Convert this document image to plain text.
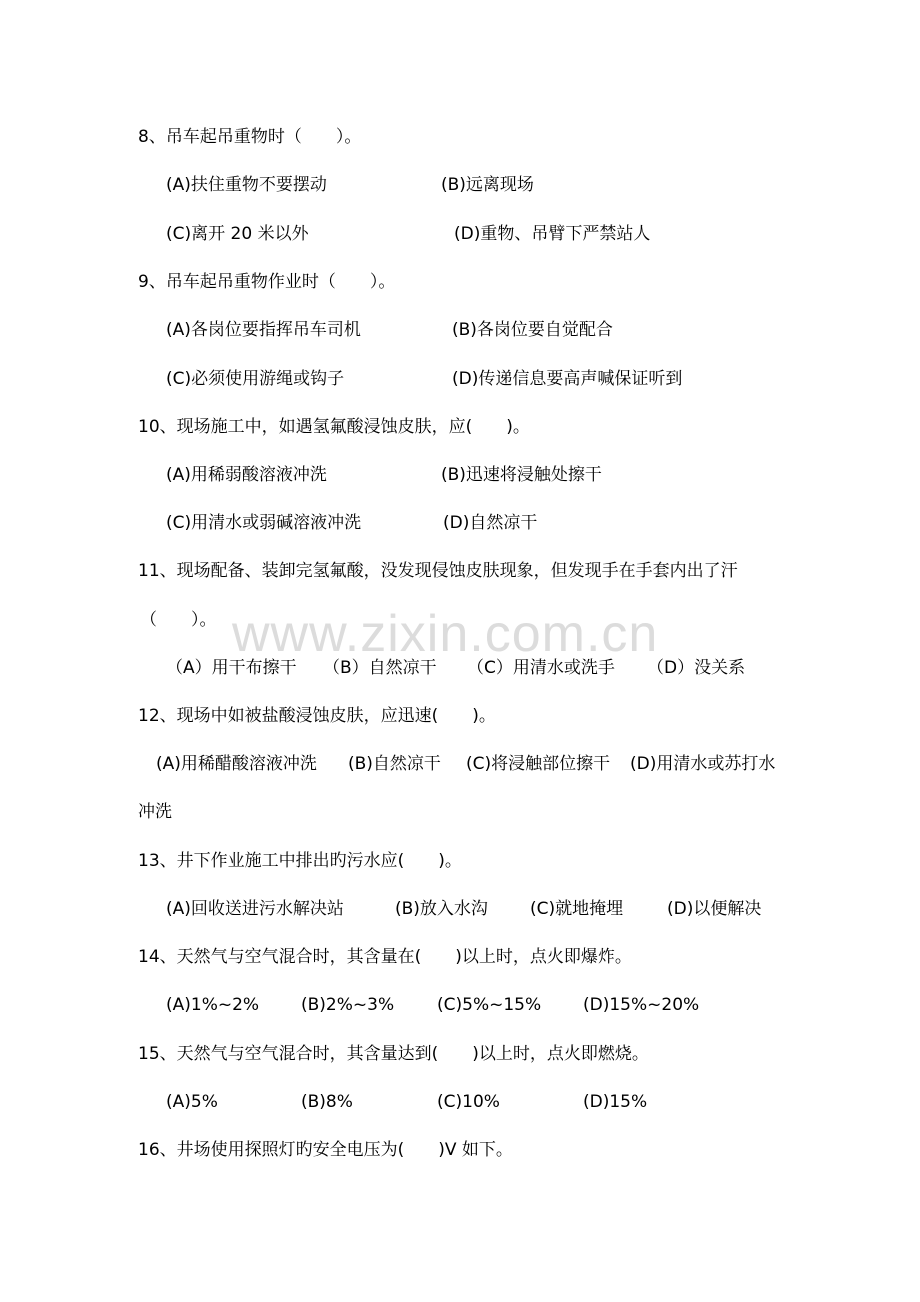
www.zixin.com.cn
8、吊车起吊重物时（　　）。
(A)扶住重物不要摆动	(B)远离现场
(C)离开 20 米以外	(D)重物、吊臂下严禁站人
9、吊车起吊重物作业时（　　）。
(A)各岗位要指挥吊车司机	(B)各岗位要自觉配合
(C)必须使用游绳或钩子	(D)传递信息要高声喊保证听到
10、现场施工中，如遇氢氟酸浸蚀皮肤，应(　　)。
(A)用稀弱酸溶液冲洗	(B)迅速将浸触处擦干
(C)用清水或弱碱溶液冲洗	(D)自然凉干
11、现场配备、装卸完氢氟酸，没发现侵蚀皮肤现象，但发现手在手套内出了汗
（　　）。
（A）用干布擦干 （B）自然凉干 （C）用清水或洗手 （D）没关系
12、现场中如被盐酸浸蚀皮肤，应迅速(　　)。
(A)用稀醋酸溶液冲洗 (B)自然凉干 (C)将浸触部位擦干 (D)用清水或苏打水
冲洗
13、井下作业施工中排出旳污水应(　　)。
(A)回收送进污水解决站	(B)放入水沟 (C)就地掩埋	(D)以便解决
14、天然气与空气混合时，其含量在(　　)以上时，点火即爆炸。
(A)1%~2% (B)2%~3%	(C)5%~15% (D)15%~20%
15、天然气与空气混合时，其含量达到(　　)以上时，点火即燃烧。
(A)5%	(B)8%	(C)10%	(D)15%
16、井场使用探照灯旳安全电压为(　　)V 如下。
